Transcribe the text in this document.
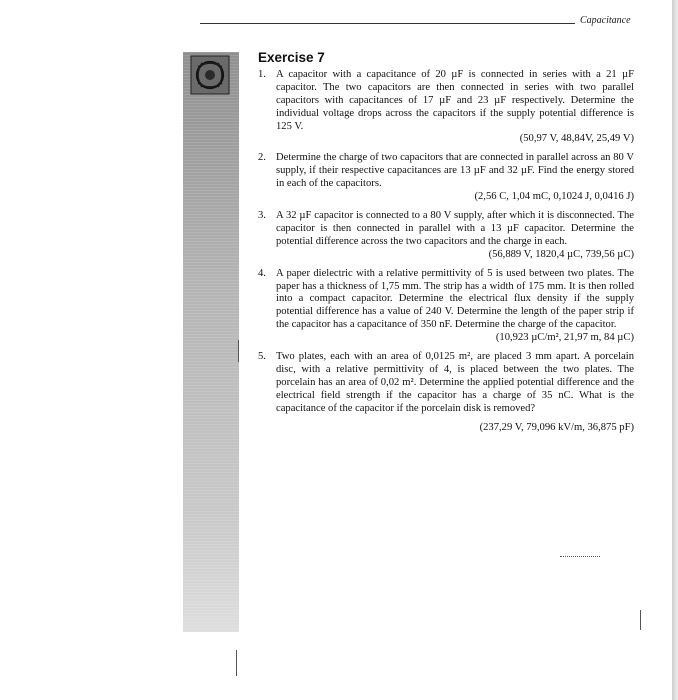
Capacitance
Exercise 7
1. A capacitor with a capacitance of 20 µF is connected in series with a 21 µF capacitor. The two capacitors are then connected in series with two parallel capacitors with capacitances of 17 µF and 23 µF respectively. Determine the individual voltage drops across the capacitors if the supply potential difference is 125 V.
(50,97 V, 48,84V, 25,49 V)
2. Determine the charge of two capacitors that are connected in parallel across an 80 V supply, if their respective capacitances are 13 µF and 32 µF. Find the energy stored in each of the capacitors.
(2,56 C, 1,04 mC, 0,1024 J, 0,0416 J)
3. A 32 µF capacitor is connected to a 80 V supply, after which it is disconnected. The capacitor is then connected in parallel with a 13 µF capacitor. Determine the potential difference across the two capacitors and the charge in each.
(56,889 V, 1820,4 µC, 739,56 µC)
4. A paper dielectric with a relative permittivity of 5 is used between two plates. The paper has a thickness of 1,75 mm. The strip has a width of 175 mm. It is then rolled into a compact capacitor. Determine the electrical flux density if the supply potential difference has a value of 240 V. Determine the length of the paper strip if the capacitor has a capacitance of 350 nF. Determine the charge of the capacitor.
(10,923 µC/m², 21,97 m, 84 µC)
5. Two plates, each with an area of 0,0125 m², are placed 3 mm apart. A porcelain disc, with a relative permittivity of 4, is placed between the two plates. The porcelain has an area of 0,02 m². Determine the applied potential difference and the electrical field strength if the capacitor has a charge of 35 nC. What is the capacitance of the capacitor if the porcelain disk is removed?
(237,29 V, 79,096 kV/m, 36,875 pF)
